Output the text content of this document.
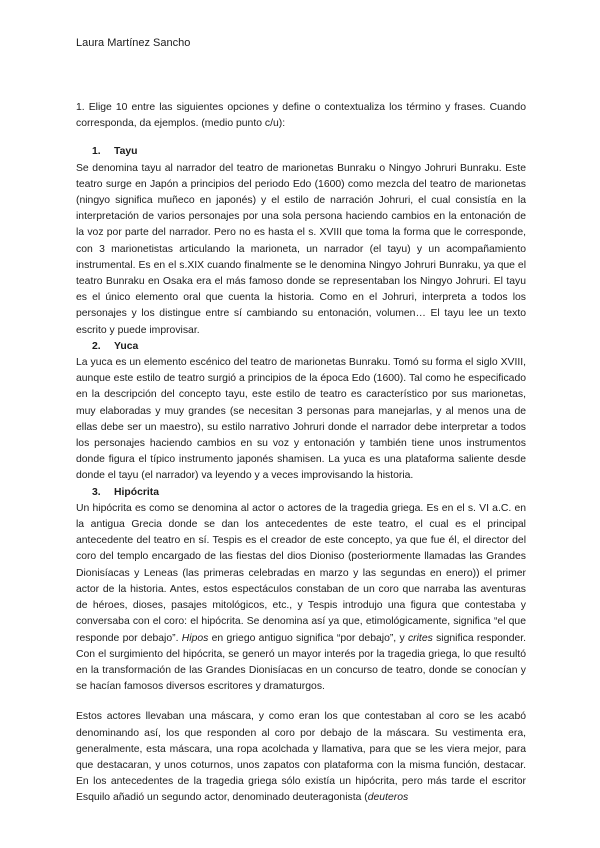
Laura Martínez Sancho

1. Elige 10 entre las siguientes opciones y define o contextualiza los término y frases. Cuando corresponda, da ejemplos. (medio punto c/u):

1. Tayu

Se denomina tayu al narrador del teatro de marionetas Bunraku o Ningyo Johruri Bunraku. Este teatro surge en Japón a principios del periodo Edo (1600) como mezcla del teatro de marionetas (ningyo significa muñeco en japonés) y el estilo de narración Johruri, el cual consistía en la interpretación de varios personajes por una sola persona haciendo cambios en la entonación de la voz por parte del narrador. Pero no es hasta el s. XVIII que toma la forma que le corresponde, con 3 marionetistas articulando la marioneta, un narrador (el tayu) y un acompañamiento instrumental. Es en el s.XIX cuando finalmente se le denomina Ningyo Johruri Bunraku, ya que el teatro Bunraku en Osaka era el más famoso donde se representaban los Ningyo Johruri. El tayu es el único elemento oral que cuenta la historia. Como en el Johruri, interpreta a todos los personajes y los distingue entre sí cambiando su entonación, volumen… El tayu lee un texto escrito y puede improvisar.

2. Yuca

La yuca es un elemento escénico del teatro de marionetas Bunraku. Tomó su forma el siglo XVIII, aunque este estilo de teatro surgió a principios de la época Edo (1600). Tal como he especificado en la descripción del concepto tayu, este estilo de teatro es característico por sus marionetas, muy elaboradas y muy grandes (se necesitan 3 personas para manejarlas, y al menos una de ellas debe ser un maestro), su estilo narrativo Johruri donde el narrador debe interpretar a todos los personajes haciendo cambios en su voz y entonación y también tiene unos instrumentos donde figura el típico instrumento japonés shamisen. La yuca es una plataforma saliente desde donde el tayu (el narrador) va leyendo y a veces improvisando la historia.

3. Hipócrita

Un hipócrita es como se denomina al actor o actores de la tragedia griega. Es en el s. VI a.C. en la antigua Grecia donde se dan los antecedentes de este teatro, el cual es el principal antecedente del teatro en sí. Tespis es el creador de este concepto, ya que fue él, el director del coro del templo encargado de las fiestas del dios Dioniso (posteriormente llamadas las Grandes Dionisíacas y Leneas (las primeras celebradas en marzo y las segundas en enero)) el primer actor de la historia. Antes, estos espectáculos constaban de un coro que narraba las aventuras de héroes, dioses, pasajes mitológicos, etc., y Tespis introdujo una figura que contestaba y conversaba con el coro: el hipócrita. Se denomina así ya que, etimológicamente, significa “el que responde por debajo”. Hipos en griego antiguo significa “por debajo”, y crites significa responder. Con el surgimiento del hipócrita, se generó un mayor interés por la tragedia griega, lo que resultó en la transformación de las Grandes Dionisíacas en un concurso de teatro, donde se conocían y se hacían famosos diversos escritores y dramaturgos.

Estos actores llevaban una máscara, y como eran los que contestaban al coro se les acabó denominando así, los que responden al coro por debajo de la máscara. Su vestimenta era, generalmente, esta máscara, una ropa acolchada y llamativa, para que se les viera mejor, para que destacaran, y unos coturnos, unos zapatos con plataforma con la misma función, destacar. En los antecedentes de la tragedia griega sólo existía un hipócrita, pero más tarde el escritor Esquilo añadió un segundo actor, denominado deuteragonista (deuteros
